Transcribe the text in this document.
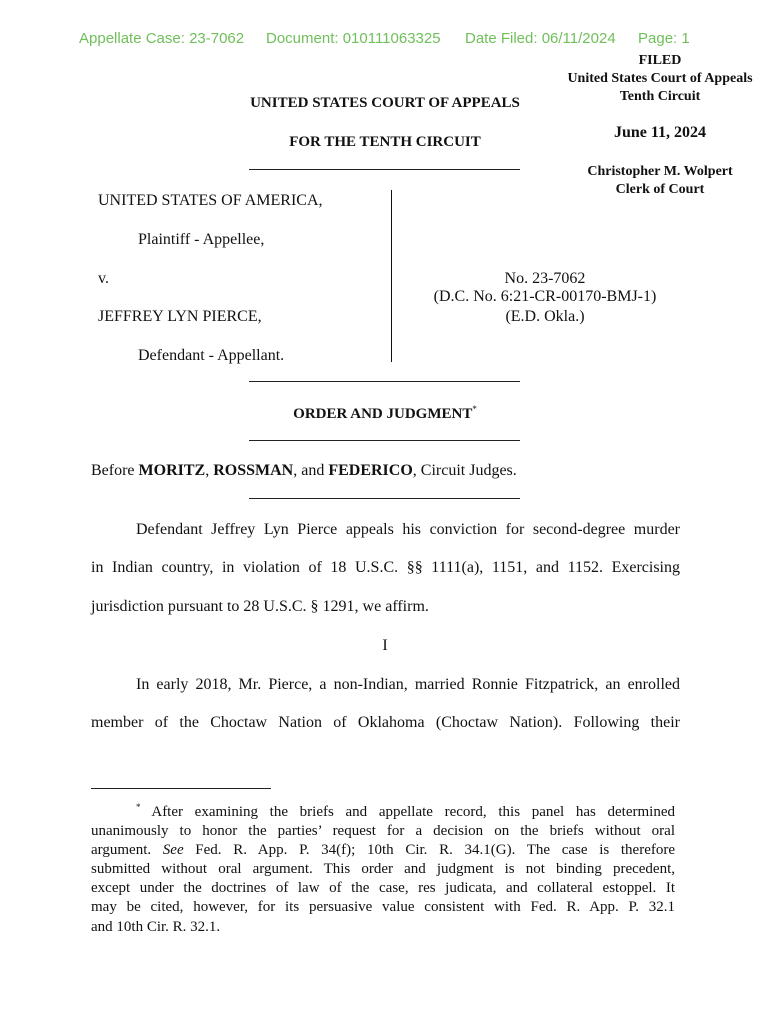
Appellate Case: 23-7062 Document: 010111063325 Date Filed: 06/11/2024 Page: 1
FILED
United States Court of Appeals
Tenth Circuit
June 11, 2024
Christopher M. Wolpert
Clerk of Court
UNITED STATES COURT OF APPEALS
FOR THE TENTH CIRCUIT
UNITED STATES OF AMERICA,
Plaintiff - Appellee,
v.
JEFFREY LYN PIERCE,
Defendant - Appellant.
No. 23-7062
(D.C. No. 6:21-CR-00170-BMJ-1)
(E.D. Okla.)
ORDER AND JUDGMENT*
Before MORITZ, ROSSMAN, and FEDERICO, Circuit Judges.
Defendant Jeffrey Lyn Pierce appeals his conviction for second-degree murder
in Indian country, in violation of 18 U.S.C. §§ 1111(a), 1151, and 1152. Exercising
jurisdiction pursuant to 28 U.S.C. § 1291, we affirm.
I
In early 2018, Mr. Pierce, a non-Indian, married Ronnie Fitzpatrick, an enrolled
member of the Choctaw Nation of Oklahoma (Choctaw Nation). Following their
* After examining the briefs and appellate record, this panel has determined
unanimously to honor the parties’ request for a decision on the briefs without oral
argument. See Fed. R. App. P. 34(f); 10th Cir. R. 34.1(G). The case is therefore
submitted without oral argument. This order and judgment is not binding precedent,
except under the doctrines of law of the case, res judicata, and collateral estoppel. It
may be cited, however, for its persuasive value consistent with Fed. R. App. P. 32.1
and 10th Cir. R. 32.1.
